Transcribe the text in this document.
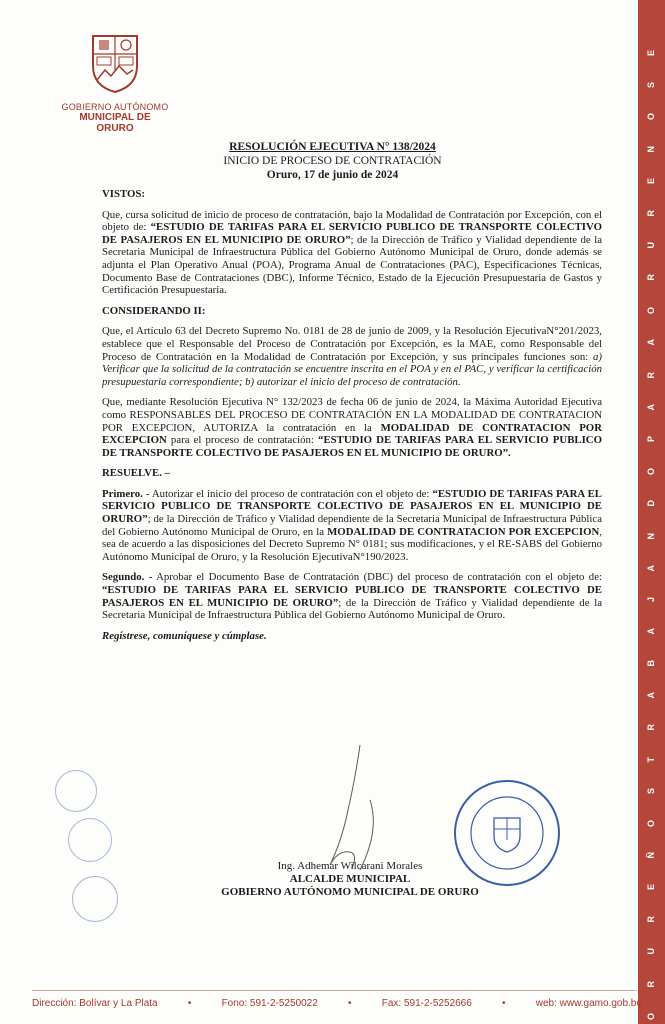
E
S
O
N
E
R
U
R
O
A
R
A
P
O
D
N
A
J
A
B
A
R
T
S
O
Ñ
E
R
U
R
O
GOBIERNO AUTÓNOMO
MUNICIPAL DE ORURO
RESOLUCIÓN EJECUTIVA N° 138/2024
INICIO DE PROCESO DE CONTRATACIÓN
Oruro, 17 de junio de 2024
VISTOS:

Que, cursa solicitud de inicio de proceso de contratación, bajo la Modalidad de Contratación por Excepción, con el objeto de: “ESTUDIO DE TARIFAS PARA EL SERVICIO PUBLICO DE TRANSPORTE COLECTIVO DE PASAJEROS EN EL MUNICIPIO DE ORURO”; de la Dirección de Tráfico y Vialidad dependiente de la Secretaria Municipal de Infraestructura Pública del Gobierno Autónomo Municipal de Oruro, donde además se adjunta el Plan Operativo Anual (POA), Programa Anual de Contrataciones (PAC), Especificaciones Técnicas, Documento Base de Contrataciones (DBC), Informe Técnico, Estado de la Ejecución Presupuestaria de Gastos y Certificación Presupuestaria.

CONSIDERANDO II:

Que, el Artículo 63 del Decreto Supremo No. 0181 de 28 de junio de 2009, y la Resolución EjecutivaN°201/2023, establece que el Responsable del Proceso de Contratación por Excepción, es la MAE, como Responsable del Proceso de Contratación en la Modalidad de Contratación por Excepción, y sus principales funciones son: a) Verificar que la solicitud de la contratación se encuentre inscrita en el POA y en el PAC, y verificar la certificación presupuestaria correspondiente; b) autorizar el inicio del proceso de contratación.

Que, mediante Resolución Ejecutiva N° 132/2023 de fecha 06 de junio de 2024, la Máxima Autoridad Ejecutiva como RESPONSABLES DEL PROCESO DE CONTRATACIÓN EN LA MODALIDAD DE CONTRATACION POR EXCEPCION, AUTORIZA la contratación en la MODALIDAD DE CONTRATACION POR EXCEPCION para el proceso de contratación: “ESTUDIO DE TARIFAS PARA EL SERVICIO PUBLICO DE TRANSPORTE COLECTIVO DE PASAJEROS EN EL MUNICIPIO DE ORURO”.

RESUELVE. –

Primero. - Autorizar el inicio del proceso de contratación con el objeto de: “ESTUDIO DE TARIFAS PARA EL SERVICIO PUBLICO DE TRANSPORTE COLECTIVO DE PASAJEROS EN EL MUNICIPIO DE ORURO”; de la Dirección de Tráfico y Vialidad dependiente de la Secretaria Municipal de Infraestructura Pública del Gobierno Autónomo Municipal de Oruro, en la MODALIDAD DE CONTRATACION POR EXCEPCION, sea de acuerdo a las disposiciones del Decreto Supremo N° 0181; sus modificaciones, y el RE-SABS del Gobierno Autónomo Municipal de Oruro, y la Resolución EjecutivaN°190/2023.

Segundo. - Aprobar el Documento Base de Contratación (DBC) del proceso de contratación con el objeto de: “ESTUDIO DE TARIFAS PARA EL SERVICIO PUBLICO DE TRANSPORTE COLECTIVO DE PASAJEROS EN EL MUNICIPIO DE ORURO”; de la Dirección de Tráfico y Vialidad dependiente de la Secretaria Municipal de Infraestructura Pública del Gobierno Autónomo Municipal de Oruro.

Regístrese, comuníquese y cúmplase.
Ing. Adhemar Wilcarani Morales
ALCALDE MUNICIPAL
GOBIERNO AUTÓNOMO MUNICIPAL DE ORURO
Dirección: Bolívar y La Plata	•	Fono: 591-2-5250022	•	Fax: 591-2-5252666	•	web: www.gamo.gob.bo
